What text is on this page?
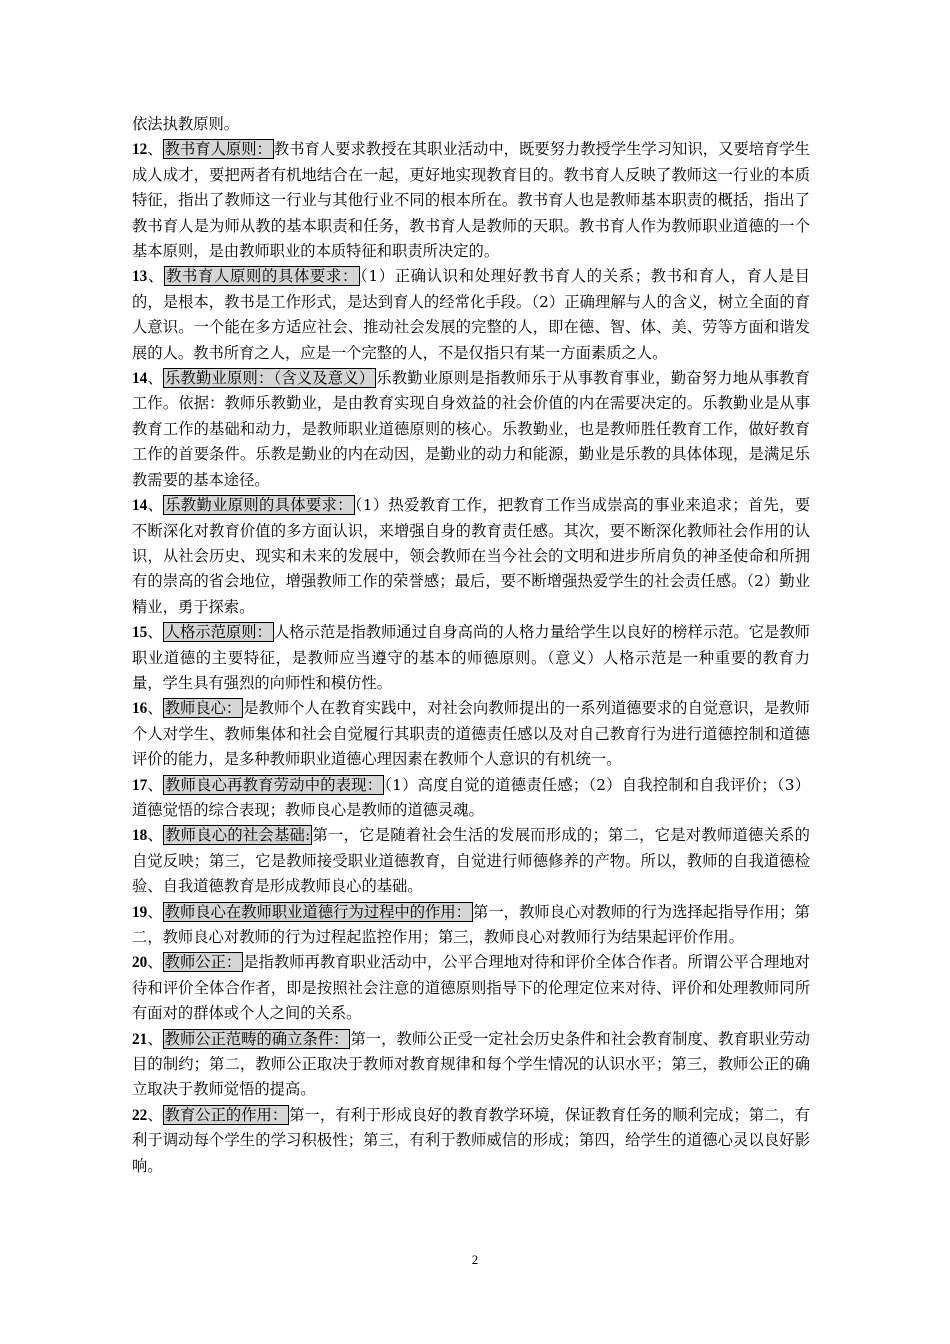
依法执教原则。

12、 教书育人原则： 教书育人要求教授在其职业活动中，既要努力教授学生学习知识，又要培育学生成人成才，要把两者有机地结合在一起，更好地实现教育目的。教书育人反映了教师这一行业的本质特征，指出了教师这一行业与其他行业不同的根本所在。教书育人也是教师基本职责的概括，指出了教书育人是为师从教的基本职责和任务，教书育人是教师的天职。教书育人作为教师职业道德的一个基本原则，是由教师职业的本质特征和职责所决定的。

13、 教书育人原则的具体要求： （1）正确认识和处理好教书育人的关系；教书和育人，育人是目的，是根本，教书是工作形式，是达到育人的经常化手段。（2）正确理解与人的含义，树立全面的育人意识。一个能在多方适应社会、推动社会发展的完整的人，即在德、智、体、美、劳等方面和谐发展的人。教书所育之人，应是一个完整的人，不是仅指只有某一方面素质之人。

14、 乐教勤业原则：（含义及意义） 乐教勤业原则是指教师乐于从事教育事业，勤奋努力地从事教育工作。依据：教师乐教勤业，是由教育实现自身效益的社会价值的内在需要决定的。乐教勤业是从事教育工作的基础和动力，是教师职业道德原则的核心。乐教勤业，也是教师胜任教育工作，做好教育工作的首要条件。乐教是勤业的内在动因，是勤业的动力和能源，勤业是乐教的具体体现，是满足乐教需要的基本途径。

14、 乐教勤业原则的具体要求： （1）热爱教育工作，把教育工作当成崇高的事业来追求；首先，要不断深化对教育价值的多方面认识，来增强自身的教育责任感。其次，要不断深化教师社会作用的认识，从社会历史、现实和未来的发展中，领会教师在当今社会的文明和进步所肩负的神圣使命和所拥有的崇高的省会地位，增强教师工作的荣誉感；最后，要不断增强热爱学生的社会责任感。（2）勤业精业，勇于探索。

15、 人格示范原则： 人格示范是指教师通过自身高尚的人格力量给学生以良好的榜样示范。它是教师职业道德的主要特征，是教师应当遵守的基本的师德原则。（意义）人格示范是一种重要的教育力量，学生具有强烈的向师性和模仿性。

16、 教师良心： 是教师个人在教育实践中，对社会向教师提出的一系列道德要求的自觉意识，是教师个人对学生、教师集体和社会自觉履行其职责的道德责任感以及对自己教育行为进行道德控制和道德评价的能力，是多种教师职业道德心理因素在教师个人意识的有机统一。

17、 教师良心再教育劳动中的表现： （1）高度自觉的道德责任感；（2）自我控制和自我评价；（3）道德觉悟的综合表现；教师良心是教师的道德灵魂。

18、 教师良心的社会基础: 第一，它是随着社会生活的发展而形成的；第二，它是对教师道德关系的自觉反映；第三，它是教师接受职业道德教育，自觉进行师德修养的产物。所以，教师的自我道德检验、自我道德教育是形成教师良心的基础。

19、 教师良心在教师职业道德行为过程中的作用： 第一，教师良心对教师的行为选择起指导作用；第二，教师良心对教师的行为过程起监控作用；第三，教师良心对教师行为结果起评价作用。

20、 教师公正： 是指教师再教育职业活动中，公平合理地对待和评价全体合作者。所谓公平合理地对待和评价全体合作者，即是按照社会注意的道德原则指导下的伦理定位来对待、评价和处理教师同所有面对的群体或个人之间的关系。

21、 教师公正范畴的确立条件： 第一，教师公正受一定社会历史条件和社会教育制度、教育职业劳动目的制约；第二，教师公正取决于教师对教育规律和每个学生情况的认识水平；第三，教师公正的确立取决于教师觉悟的提高。

22、 教育公正的作用： 第一，有利于形成良好的教育教学环境，保证教育任务的顺利完成；第二，有利于调动每个学生的学习积极性；第三，有利于教师威信的形成；第四，给学生的道德心灵以良好影响。

2
